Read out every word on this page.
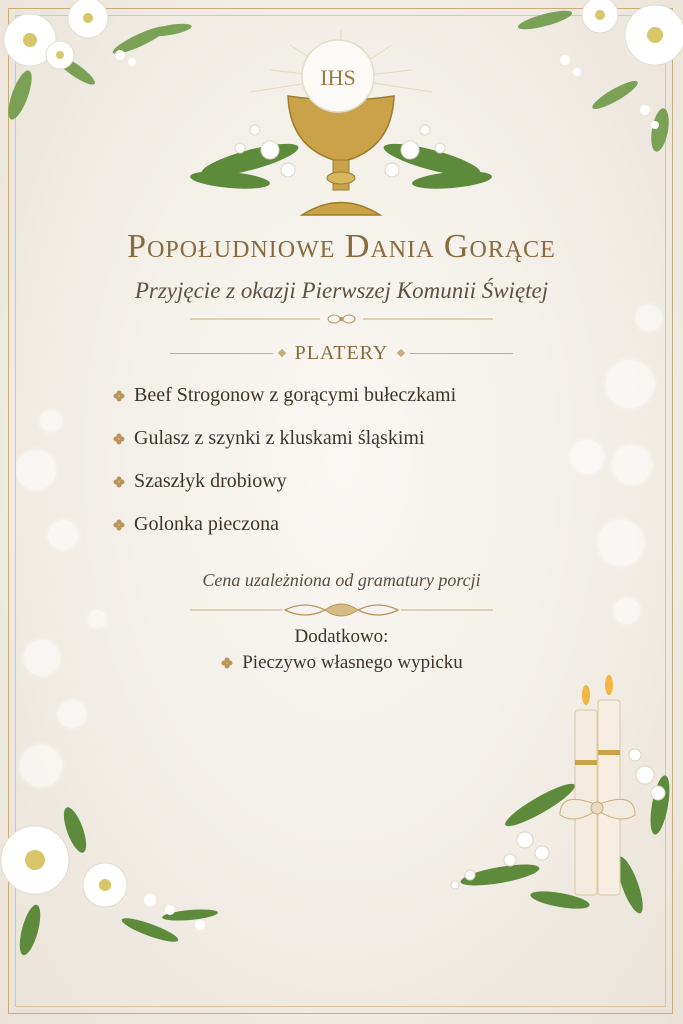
IHS
Popołudniowe Dania Gorące
Przyjęcie z okazji Pierwszej Komunii Świętej
PLATERY
Beef Strogonow z gorącymi bułeczkami
Gulasz z szynki z kluskami śląskimi
Szaszłyk drobiowy
Golonka pieczona
Cena uzależniona od gramatury porcji
Dodatkowo:
Pieczywo własnego wypicku
